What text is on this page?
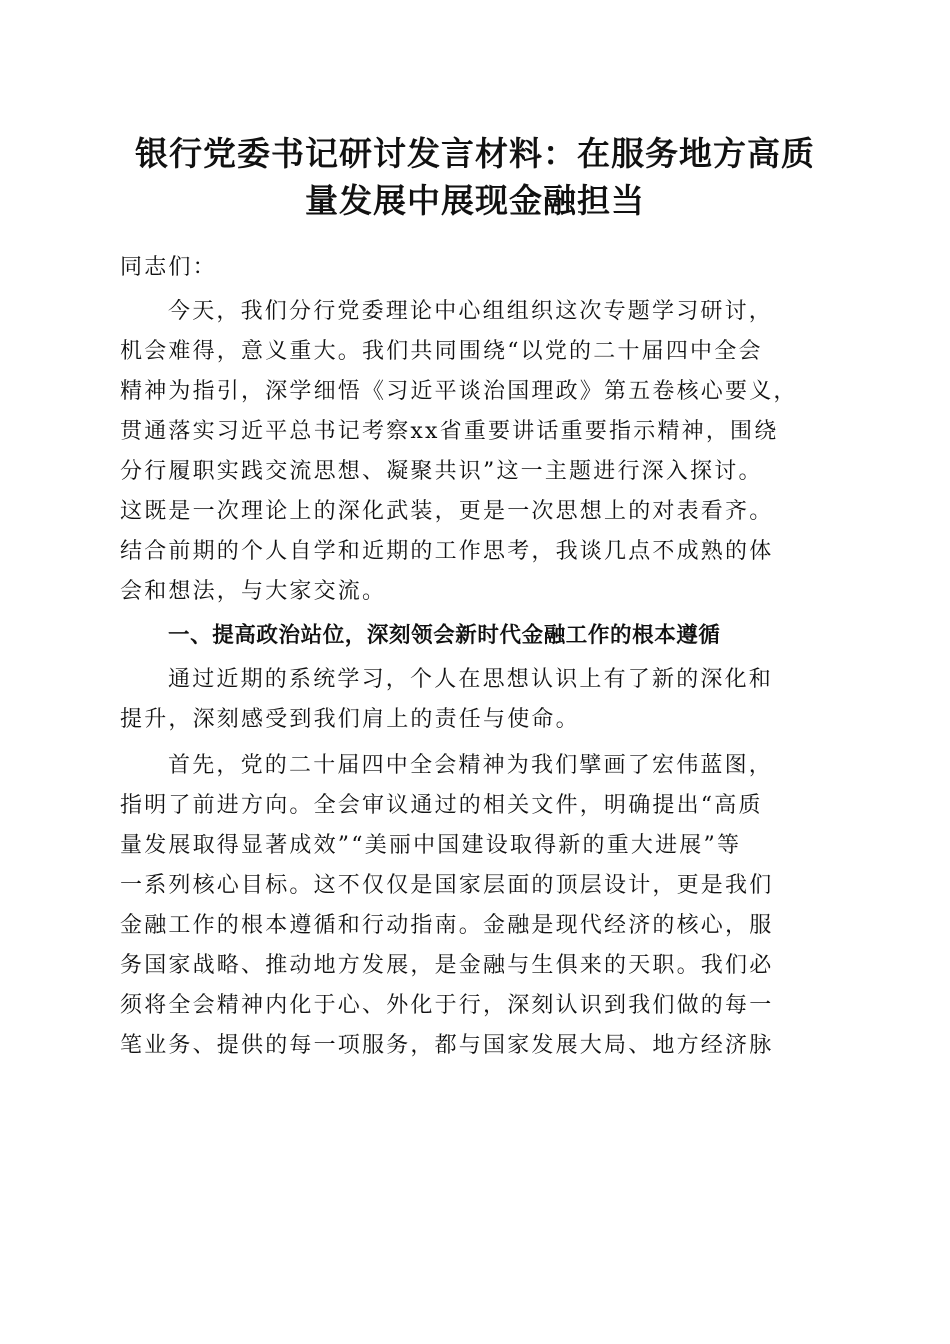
银行党委书记研讨发言材料：在服务地方高质
量发展中展现金融担当
同志们：
今天，我们分行党委理论中心组组织这次专题学习研讨，
机会难得，意义重大。我们共同围绕“以党的二十届四中全会
精神为指引，深学细悟《习近平谈治国理政》第五卷核心要义，
贯通落实习近平总书记考察xx省重要讲话重要指示精神，围绕
分行履职实践交流思想、凝聚共识”这一主题进行深入探讨。
这既是一次理论上的深化武装，更是一次思想上的对表看齐。
结合前期的个人自学和近期的工作思考，我谈几点不成熟的体
会和想法，与大家交流。
一、提高政治站位，深刻领会新时代金融工作的根本遵循
通过近期的系统学习，个人在思想认识上有了新的深化和
提升，深刻感受到我们肩上的责任与使命。
首先，党的二十届四中全会精神为我们擘画了宏伟蓝图，
指明了前进方向。全会审议通过的相关文件，明确提出“高质
量发展取得显著成效”“美丽中国建设取得新的重大进展”等
一系列核心目标。这不仅仅是国家层面的顶层设计，更是我们
金融工作的根本遵循和行动指南。金融是现代经济的核心，服
务国家战略、推动地方发展，是金融与生俱来的天职。我们必
须将全会精神内化于心、外化于行，深刻认识到我们做的每一
笔业务、提供的每一项服务，都与国家发展大局、地方经济脉
